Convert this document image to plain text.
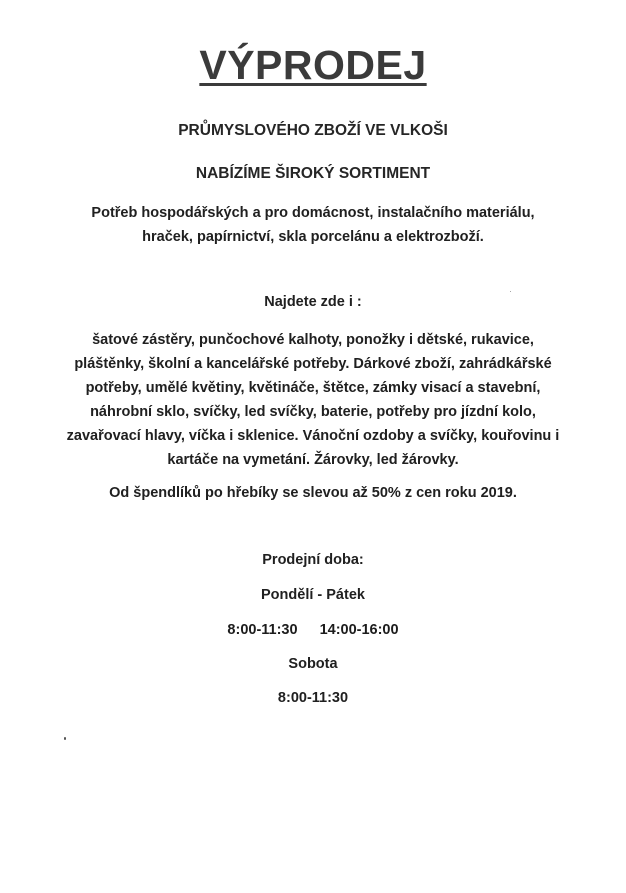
VÝPRODEJ
PRŮMYSLOVÉHO ZBOŽÍ VE VLKOŠI
NABÍZÍME ŠIROKÝ SORTIMENT
Potřeb hospodářských a pro domácnost, instalačního materiálu,
hraček, papírnictví, skla porcelánu a elektrozboží.
Najdete zde i :
šatové zástěry, punčochové kalhoty, ponožky i dětské, rukavice,
pláštěnky, školní a kancelářské potřeby. Dárkové zboží, zahrádkářské
potřeby, umělé květiny, květináče, štětce, zámky visací a stavební,
náhrobní sklo, svíčky, led svíčky, baterie, potřeby pro jízdní kolo,
zavařovací hlavy, víčka i sklenice. Vánoční ozdoby a svíčky, kouřovinu i
kartáče na vymetání. Žárovky, led žárovky.
Od špendlíků po hřebíky se slevou až 50% z cen roku 2019.
Prodejní doba:
Pondělí - Pátek
8:00-11:30 14:00-16:00
Sobota
8:00-11:30
